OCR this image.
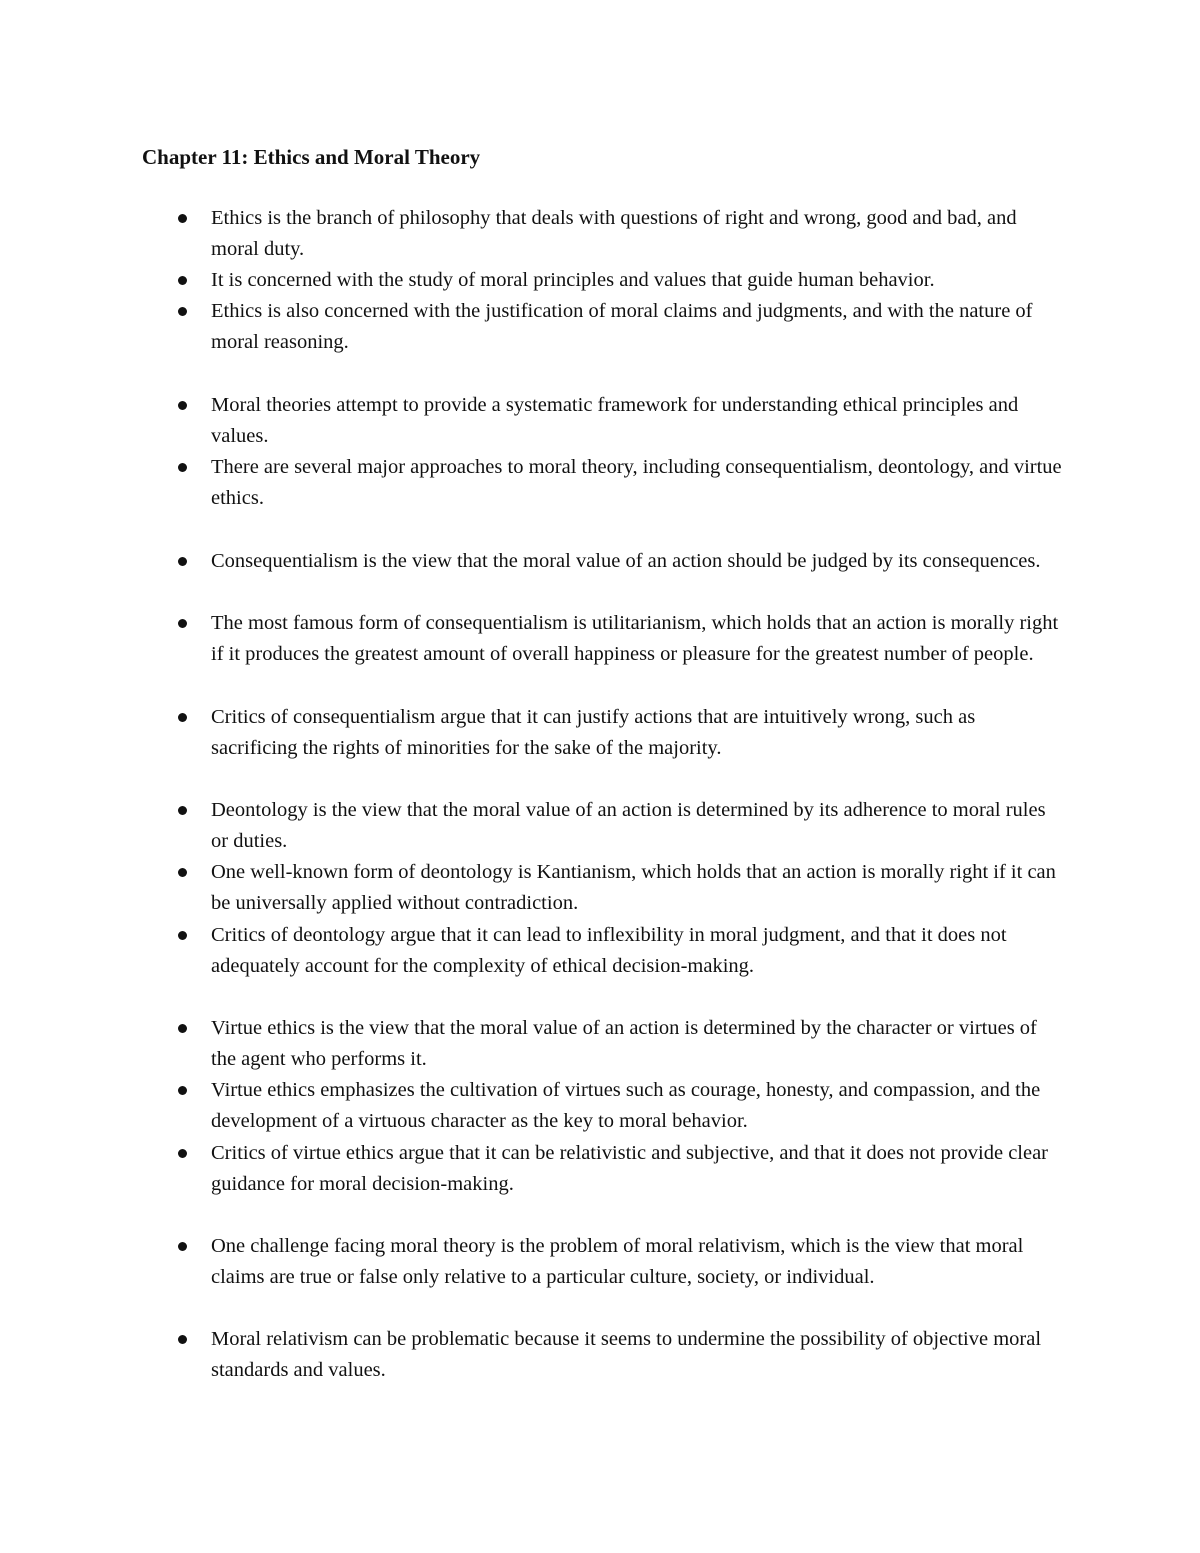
Chapter 11: Ethics and Moral Theory
Ethics is the branch of philosophy that deals with questions of right and wrong, good and bad, and moral duty.
It is concerned with the study of moral principles and values that guide human behavior.
Ethics is also concerned with the justification of moral claims and judgments, and with the nature of moral reasoning.
Moral theories attempt to provide a systematic framework for understanding ethical principles and values.
There are several major approaches to moral theory, including consequentialism, deontology, and virtue ethics.
Consequentialism is the view that the moral value of an action should be judged by its consequences.
The most famous form of consequentialism is utilitarianism, which holds that an action is morally right if it produces the greatest amount of overall happiness or pleasure for the greatest number of people.
Critics of consequentialism argue that it can justify actions that are intuitively wrong, such as sacrificing the rights of minorities for the sake of the majority.
Deontology is the view that the moral value of an action is determined by its adherence to moral rules or duties.
One well-known form of deontology is Kantianism, which holds that an action is morally right if it can be universally applied without contradiction.
Critics of deontology argue that it can lead to inflexibility in moral judgment, and that it does not adequately account for the complexity of ethical decision-making.
Virtue ethics is the view that the moral value of an action is determined by the character or virtues of the agent who performs it.
Virtue ethics emphasizes the cultivation of virtues such as courage, honesty, and compassion, and the development of a virtuous character as the key to moral behavior.
Critics of virtue ethics argue that it can be relativistic and subjective, and that it does not provide clear guidance for moral decision-making.
One challenge facing moral theory is the problem of moral relativism, which is the view that moral claims are true or false only relative to a particular culture, society, or individual.
Moral relativism can be problematic because it seems to undermine the possibility of objective moral standards and values.
